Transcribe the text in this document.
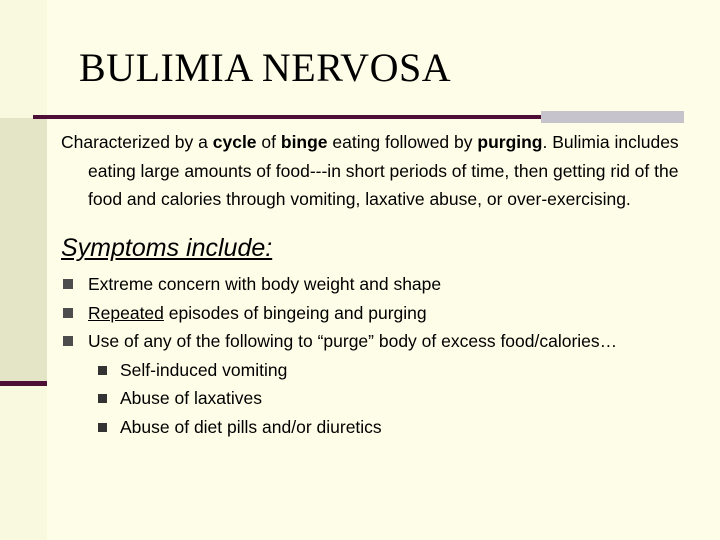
BULIMIA NERVOSA

Characterized by a cycle of binge eating followed by purging. Bulimia includes eating large amounts of food---in short periods of time, then getting rid of the food and calories through vomiting, laxative abuse, or over-exercising.

Symptoms include:
Extreme concern with body weight and shape
Repeated episodes of bingeing and purging
Use of any of the following to “purge” body of excess food/calories…
Self-induced vomiting
Abuse of laxatives
Abuse of diet pills and/or diuretics
